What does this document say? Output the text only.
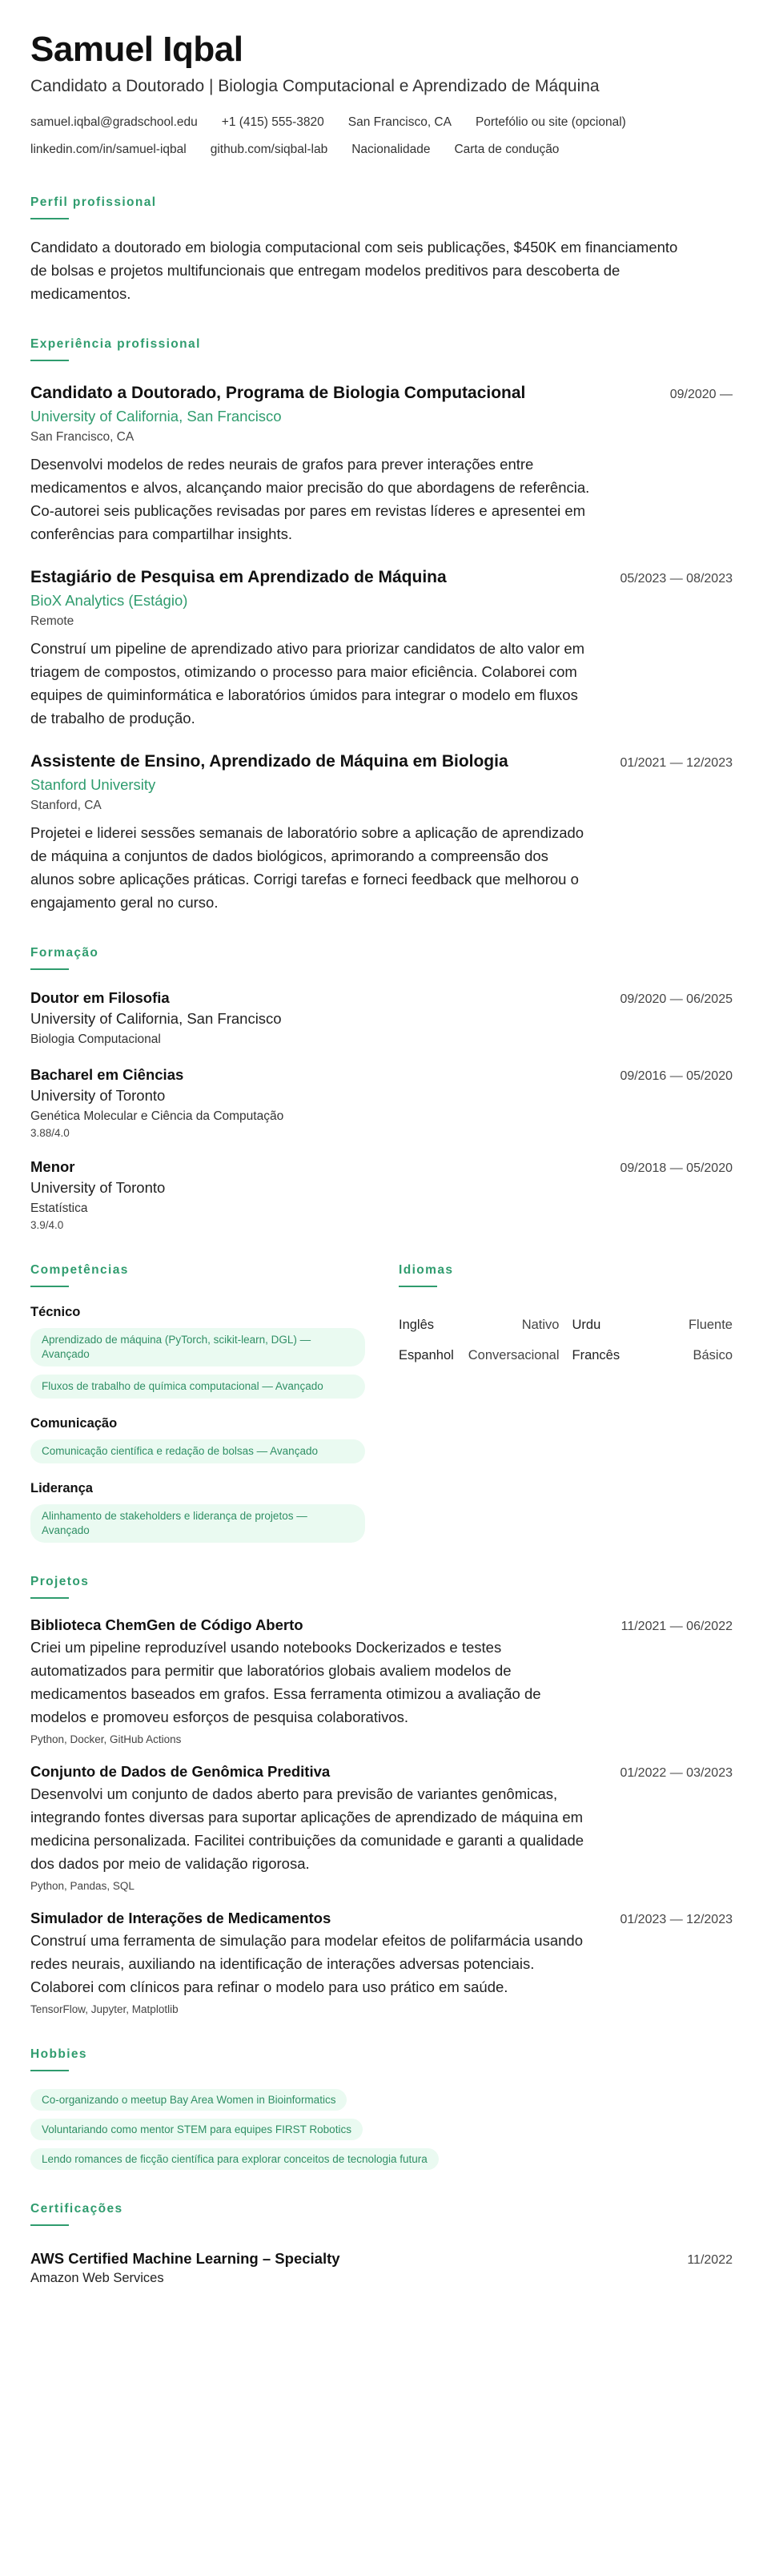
Samuel Iqbal
Candidato a Doutorado | Biologia Computacional e Aprendizado de Máquina
samuel.iqbal@gradschool.edu +1 (415) 555-3820 San Francisco, CA Portefólio ou site (opcional)
linkedin.com/in/samuel-iqbal github.com/siqbal-lab Nacionalidade Carta de condução
Perfil profissional

Candidato a doutorado em biologia computacional com seis publicações, $450K em financiamento de bolsas e projetos multifuncionais que entregam modelos preditivos para descoberta de medicamentos.

Experiência profissional
Candidato a Doutorado, Programa de Biologia Computacional	09/2020 —
University of California, San Francisco
San Francisco, CA

Desenvolvi modelos de redes neurais de grafos para prever interações entre medicamentos e alvos, alcançando maior precisão do que abordagens de referência. Co-autorei seis publicações revisadas por pares em revistas líderes e apresentei em conferências para compartilhar insights.

Estagiário de Pesquisa em Aprendizado de Máquina	05/2023 — 08/2023
BioX Analytics (Estágio)
Remote

Construí um pipeline de aprendizado ativo para priorizar candidatos de alto valor em triagem de compostos, otimizando o processo para maior eficiência. Colaborei com equipes de quiminformática e laboratórios úmidos para integrar o modelo em fluxos de trabalho de produção.

Assistente de Ensino, Aprendizado de Máquina em Biologia	01/2021 — 12/2023
Stanford University
Stanford, CA

Projetei e liderei sessões semanais de laboratório sobre a aplicação de aprendizado de máquina a conjuntos de dados biológicos, aprimorando a compreensão dos alunos sobre aplicações práticas. Corrigi tarefas e forneci feedback que melhorou o engajamento geral no curso.

Formação
Doutor em Filosofia	09/2020 — 06/2025
University of California, San Francisco
Biologia Computacional
Bacharel em Ciências	09/2016 — 05/2020
University of Toronto
Genética Molecular e Ciência da Computação
3.88/4.0
Menor	09/2018 — 05/2020
University of Toronto
Estatística
3.9/4.0
Competências
Técnico
Aprendizado de máquina (PyTorch, scikit-learn, DGL) — Avançado
Fluxos de trabalho de química computacional — Avançado
Comunicação
Comunicação científica e redação de bolsas — Avançado
Liderança
Alinhamento de stakeholders e liderança de projetos — Avançado
Idiomas
Inglês	Nativo Urdu	Fluente
Espanhol Conversacional Francês	Básico
Projetos
Biblioteca ChemGen de Código Aberto	11/2021 — 06/2022

Criei um pipeline reproduzível usando notebooks Dockerizados e testes automatizados para permitir que laboratórios globais avaliem modelos de medicamentos baseados em grafos. Essa ferramenta otimizou a avaliação de modelos e promoveu esforços de pesquisa colaborativos.

Python, Docker, GitHub Actions
Conjunto de Dados de Genômica Preditiva	01/2022 — 03/2023

Desenvolvi um conjunto de dados aberto para previsão de variantes genômicas, integrando fontes diversas para suportar aplicações de aprendizado de máquina em medicina personalizada. Facilitei contribuições da comunidade e garanti a qualidade dos dados por meio de validação rigorosa.

Python, Pandas, SQL
Simulador de Interações de Medicamentos	01/2023 — 12/2023

Construí uma ferramenta de simulação para modelar efeitos de polifarmácia usando redes neurais, auxiliando na identificação de interações adversas potenciais. Colaborei com clínicos para refinar o modelo para uso prático em saúde.

TensorFlow, Jupyter, Matplotlib
Hobbies
Co-organizando o meetup Bay Area Women in Bioinformatics
Voluntariando como mentor STEM para equipes FIRST Robotics
Lendo romances de ficção científica para explorar conceitos de tecnologia futura
Certificações
AWS Certified Machine Learning – Specialty	11/2022
Amazon Web Services
